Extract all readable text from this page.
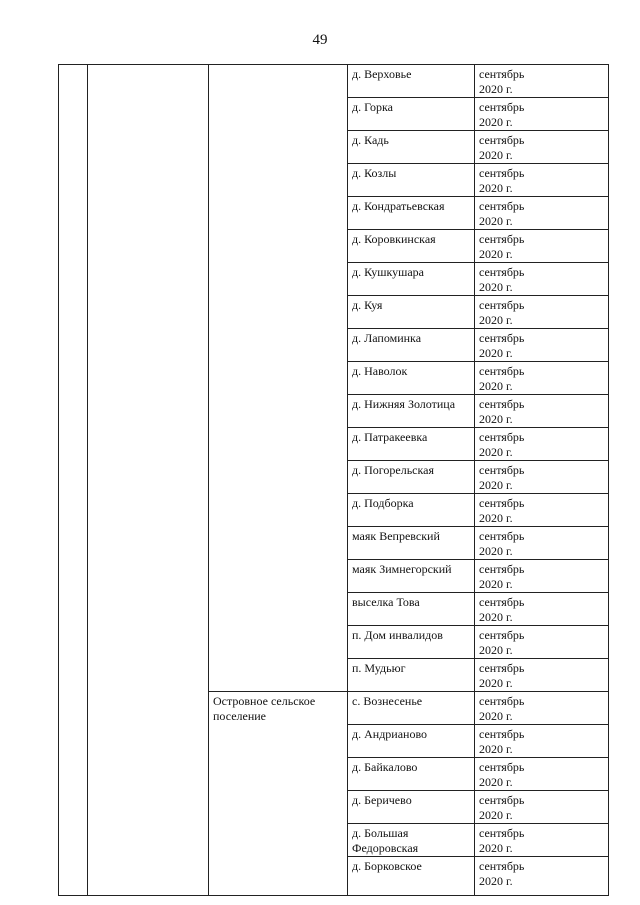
49
			д. Верховье	сентябрь
2020 г.

			д. Горка	сентябрь
2020 г.

			д. Кадь	сентябрь
2020 г.

			д. Козлы	сентябрь
2020 г.

			д. Кондратьевская	сентябрь
2020 г.

			д. Коровкинская	сентябрь
2020 г.

			д. Кушкушара	сентябрь
2020 г.

			д. Куя	сентябрь
2020 г.

			д. Лапоминка	сентябрь
2020 г.

			д. Наволок	сентябрь
2020 г.

			д. Нижняя Золотица	сентябрь
2020 г.

			д. Патракеевка	сентябрь
2020 г.

			д. Погорельская	сентябрь
2020 г.

			д. Подборка	сентябрь
2020 г.

			маяк Вепревский	сентябрь
2020 г.

			маяк Зимнегорский	сентябрь
2020 г.

			выселка Това	сентябрь
2020 г.

			п. Дом инвалидов	сентябрь
2020 г.

			п. Мудьюг	сентябрь
2020 г.

		Островное сельское поселение	с. Вознесенье	сентябрь
2020 г.

			д. Андрианово	сентябрь
2020 г.

			д. Байкалово	сентябрь
2020 г.

			д. Беричево	сентябрь
2020 г.

			д. Большая Федоровская	сентябрь
2020 г.

			д. Борковское	сентябрь
2020 г.
